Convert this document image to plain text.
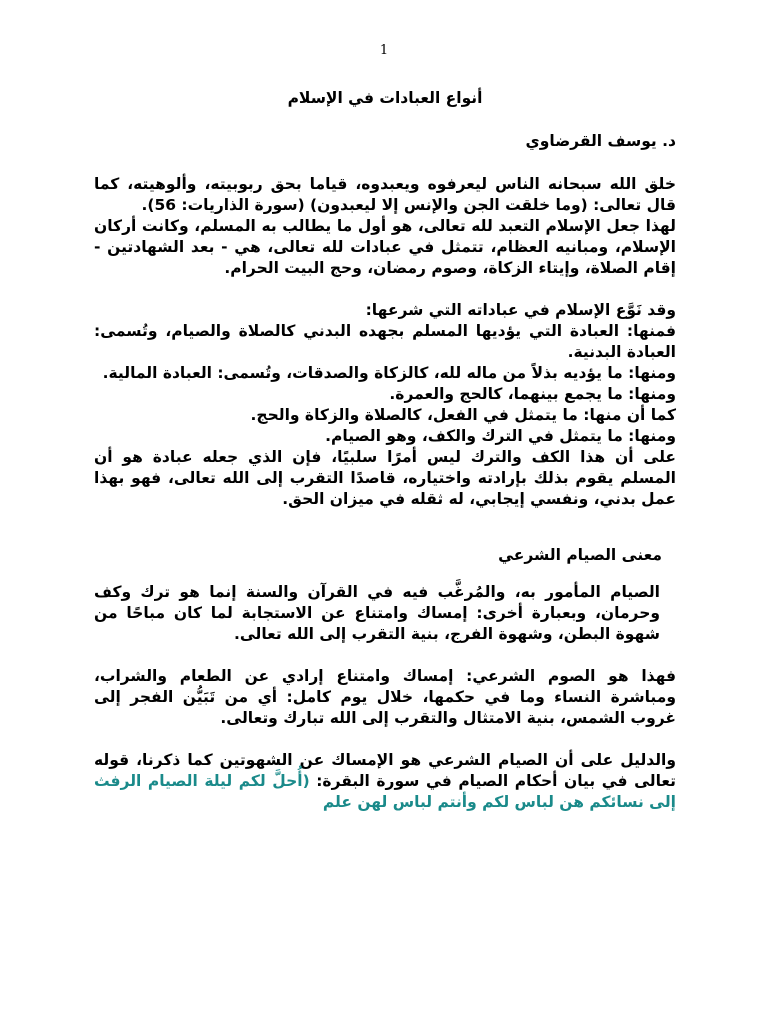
1

أنواع العبادات في الإسلام

د. يوسف القرضاوي

خلق الله سبحانه الناس ليعرفوه ويعبدوه، قياما بحق ربوبيته، وألوهيته، كما قال تعالى: (وما خلقت الجن والإنس إلا ليعبدون) (سورة الذاريات: 56).

لهذا جعل الإسلام التعبد لله تعالى، هو أول ما يطالب به المسلم، وكانت أركان الإسلام، ومبانيه العظام، تتمثل في عبادات لله تعالى، هي - بعد الشهادتين - إقام الصلاة، وإيتاء الزكاة، وصوم رمضان، وحج البيت الحرام.

وقد نَوَّع الإسلام في عباداته التي شرعها:

فمنها: العبادة التي يؤديها المسلم بجهده البدني كالصلاة والصيام، وتُسمى: العبادة البدنية.

ومنها: ما يؤديه بذلاً من ماله لله، كالزكاة والصدقات، وتُسمى: العبادة المالية.

ومنها: ما يجمع بينهما، كالحج والعمرة.

كما أن منها: ما يتمثل في الفعل، كالصلاة والزكاة والحج.

ومنها: ما يتمثل في الترك والكف، وهو الصيام.

على أن هذا الكف والترك ليس أمرًا سلبيًا، فإن الذي جعله عبادة هو أن المسلم يقوم بذلك بإرادته واختياره، قاصدًا التقرب إلى الله تعالى، فهو بهذا عمل بدني، ونفسي إيجابي، له ثقله في ميزان الحق.

معنى الصيام الشرعي

الصيام المأمور به، والمُرغَّب فيه في القرآن والسنة إنما هو ترك وكف وحرمان، وبعبارة أخرى: إمساك وامتناع عن الاستجابة لما كان مباحًا من شهوة البطن، وشهوة الفرج، بنية التقرب إلى الله تعالى.

فهذا هو الصوم الشرعي: إمساك وامتناع إرادي عن الطعام والشراب، ومباشرة النساء وما في حكمها، خلال يوم كامل: أي من تَبَيُّن الفجر إلى غروب الشمس، بنية الامتثال والتقرب إلى الله تبارك وتعالى.

والدليل على أن الصيام الشرعي هو الإمساك عن الشهوتين كما ذكرنا، قوله تعالى في بيان أحكام الصيام في سورة البقرة: (أُحلَّ لكم ليلة الصيام الرفث إلى نسائكم هن لباس لكم وأنتم لباس لهن علم
